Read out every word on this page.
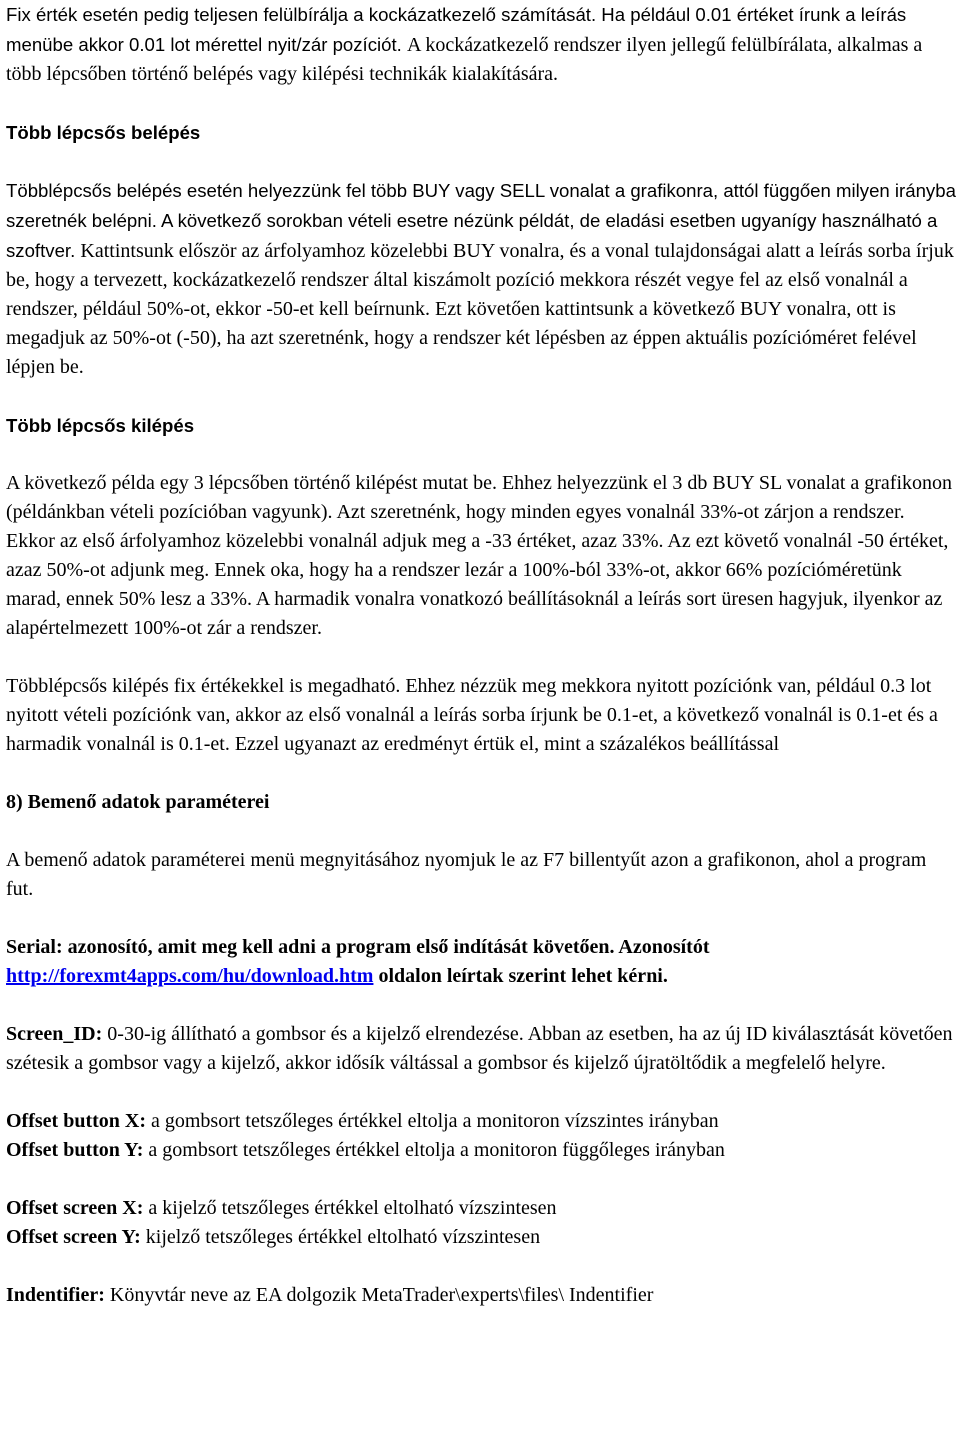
Fix érték esetén pedig teljesen felülbírálja a kockázatkezelő számítását. Ha például 0.01 értéket írunk a leírás menübe akkor 0.01 lot mérettel nyit/zár pozíciót. A kockázatkezelő rendszer ilyen jellegű felülbírálata, alkalmas a több lépcsőben történő belépés vagy kilépési technikák kialakítására.

Több lépcsős belépés

Többlépcsős belépés esetén helyezzünk fel több BUY vagy SELL vonalat a grafikonra, attól függően milyen irányba szeretnék belépni. A következő sorokban vételi esetre nézünk példát, de eladási esetben ugyanígy használható a szoftver. Kattintsunk először az árfolyamhoz közelebbi BUY vonalra, és a vonal tulajdonságai alatt a leírás sorba írjuk be, hogy a tervezett, kockázatkezelő rendszer által kiszámolt pozíció mekkora részét vegye fel az első vonalnál a rendszer, például 50%-ot, ekkor -50-et kell beírnunk. Ezt követően kattintsunk a következő BUY vonalra, ott is megadjuk az 50%-ot (-50), ha azt szeretnénk, hogy a rendszer két lépésben az éppen aktuális pozícióméret felével lépjen be.

Több lépcsős kilépés

A következő példa egy 3 lépcsőben történő kilépést mutat be. Ehhez helyezzünk el 3 db BUY SL vonalat a grafikonon (példánkban vételi pozícióban vagyunk). Azt szeretnénk, hogy minden egyes vonalnál 33%-ot zárjon a rendszer. Ekkor az első árfolyamhoz közelebbi vonalnál adjuk meg a -33 értéket, azaz 33%. Az ezt követő vonalnál -50 értéket, azaz 50%-ot adjunk meg. Ennek oka, hogy ha a rendszer lezár a 100%-ból 33%-ot, akkor 66% pozícióméretünk marad, ennek 50% lesz a 33%. A harmadik vonalra vonatkozó beállításoknál a leírás sort üresen hagyjuk, ilyenkor az alapértelmezett 100%-ot zár a rendszer.

Többlépcsős kilépés fix értékekkel is megadható. Ehhez nézzük meg mekkora nyitott pozíciónk van, például 0.3 lot nyitott vételi pozíciónk van, akkor az első vonalnál a leírás sorba írjunk be 0.1-et, a következő vonalnál is 0.1-et és a harmadik vonalnál is 0.1-et. Ezzel ugyanazt az eredményt értük el, mint a százalékos beállítással

8) Bemenő adatok paraméterei

A bemenő adatok paraméterei menü megnyitásához nyomjuk le az F7 billentyűt azon a grafikonon, ahol a program fut.

Serial: azonosító, amit meg kell adni a program első indítását követően. Azonosítót http://forexmt4apps.com/hu/download.htm oldalon leírtak szerint lehet kérni.

Screen_ID: 0-30-ig állítható a gombsor és a kijelző elrendezése. Abban az esetben, ha az új ID kiválasztását követően szétesik a gombsor vagy a kijelző, akkor idősík váltással a gombsor és kijelző újratöltődik a megfelelő helyre.

Offset button X: a gombsort tetszőleges értékkel eltolja a monitoron vízszintes irányban

Offset button Y: a gombsort tetszőleges értékkel eltolja a monitoron függőleges irányban

Offset screen X: a kijelző tetszőleges értékkel eltolható vízszintesen

Offset screen Y: kijelző tetszőleges értékkel eltolható vízszintesen

Indentifier: Könyvtár neve az EA dolgozik MetaTrader\experts\files\ Indentifier
